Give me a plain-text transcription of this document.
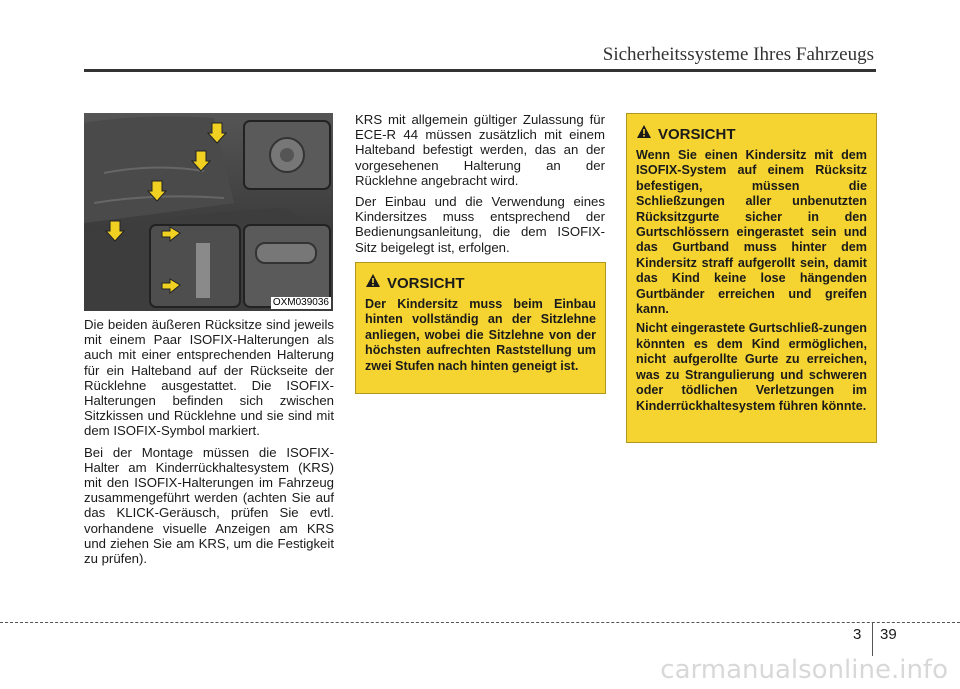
Sicherheitssysteme Ihres Fahrzeugs
OXM039036

Die beiden äußeren Rücksitze sind jeweils mit einem Paar ISOFIX-Halterungen als auch mit einer entsprechenden Halterung für ein Halteband auf der Rückseite der Rücklehne ausgestattet. Die ISOFIX-Halterungen befinden sich zwischen Sitzkissen und Rücklehne und sie sind mit dem ISOFIX-Symbol markiert.

Bei der Montage müssen die ISOFIX-Halter am Kinderrückhaltesystem (KRS) mit den ISOFIX-Halterungen im Fahrzeug zusammengeführt werden (achten Sie auf das KLICK-Geräusch, prüfen Sie evtl. vorhandene visuelle Anzeigen am KRS und ziehen Sie am KRS, um die Festigkeit zu prüfen).

KRS mit allgemein gültiger Zulassung für ECE-R 44 müssen zusätzlich mit einem Halteband befestigt werden, das an der vorgesehenen Halterung an der Rücklehne angebracht wird.

Der Einbau und die Verwendung eines Kindersitzes muss entsprechend der Bedienungsanleitung, die dem ISOFIX-Sitz beigelegt ist, erfolgen.

VORSICHT

Der Kindersitz muss beim Einbau hinten vollständig an der Sitzlehne anliegen, wobei die Sitzlehne von der höchsten aufrechten Raststellung um zwei Stufen nach hinten geneigt ist.

VORSICHT

Wenn Sie einen Kindersitz mit dem ISOFIX-System auf einem Rücksitz befestigen, müssen die Schließzungen aller unbenutzten Rücksitzgurte sicher in den Gurtschlössern eingerastet sein und das Gurtband muss hinter dem Kindersitz straff aufgerollt sein, damit das Kind keine lose hängenden Gurtbänder erreichen und greifen kann.

Nicht eingerastete Gurtschließ-zungen könnten es dem Kind ermöglichen, nicht aufgerollte Gurte zu erreichen, was zu Strangulierung und schweren oder tödlichen Verletzungen im Kinderrückhaltesystem führen könnte.

3 39
carmanualsonline.info
